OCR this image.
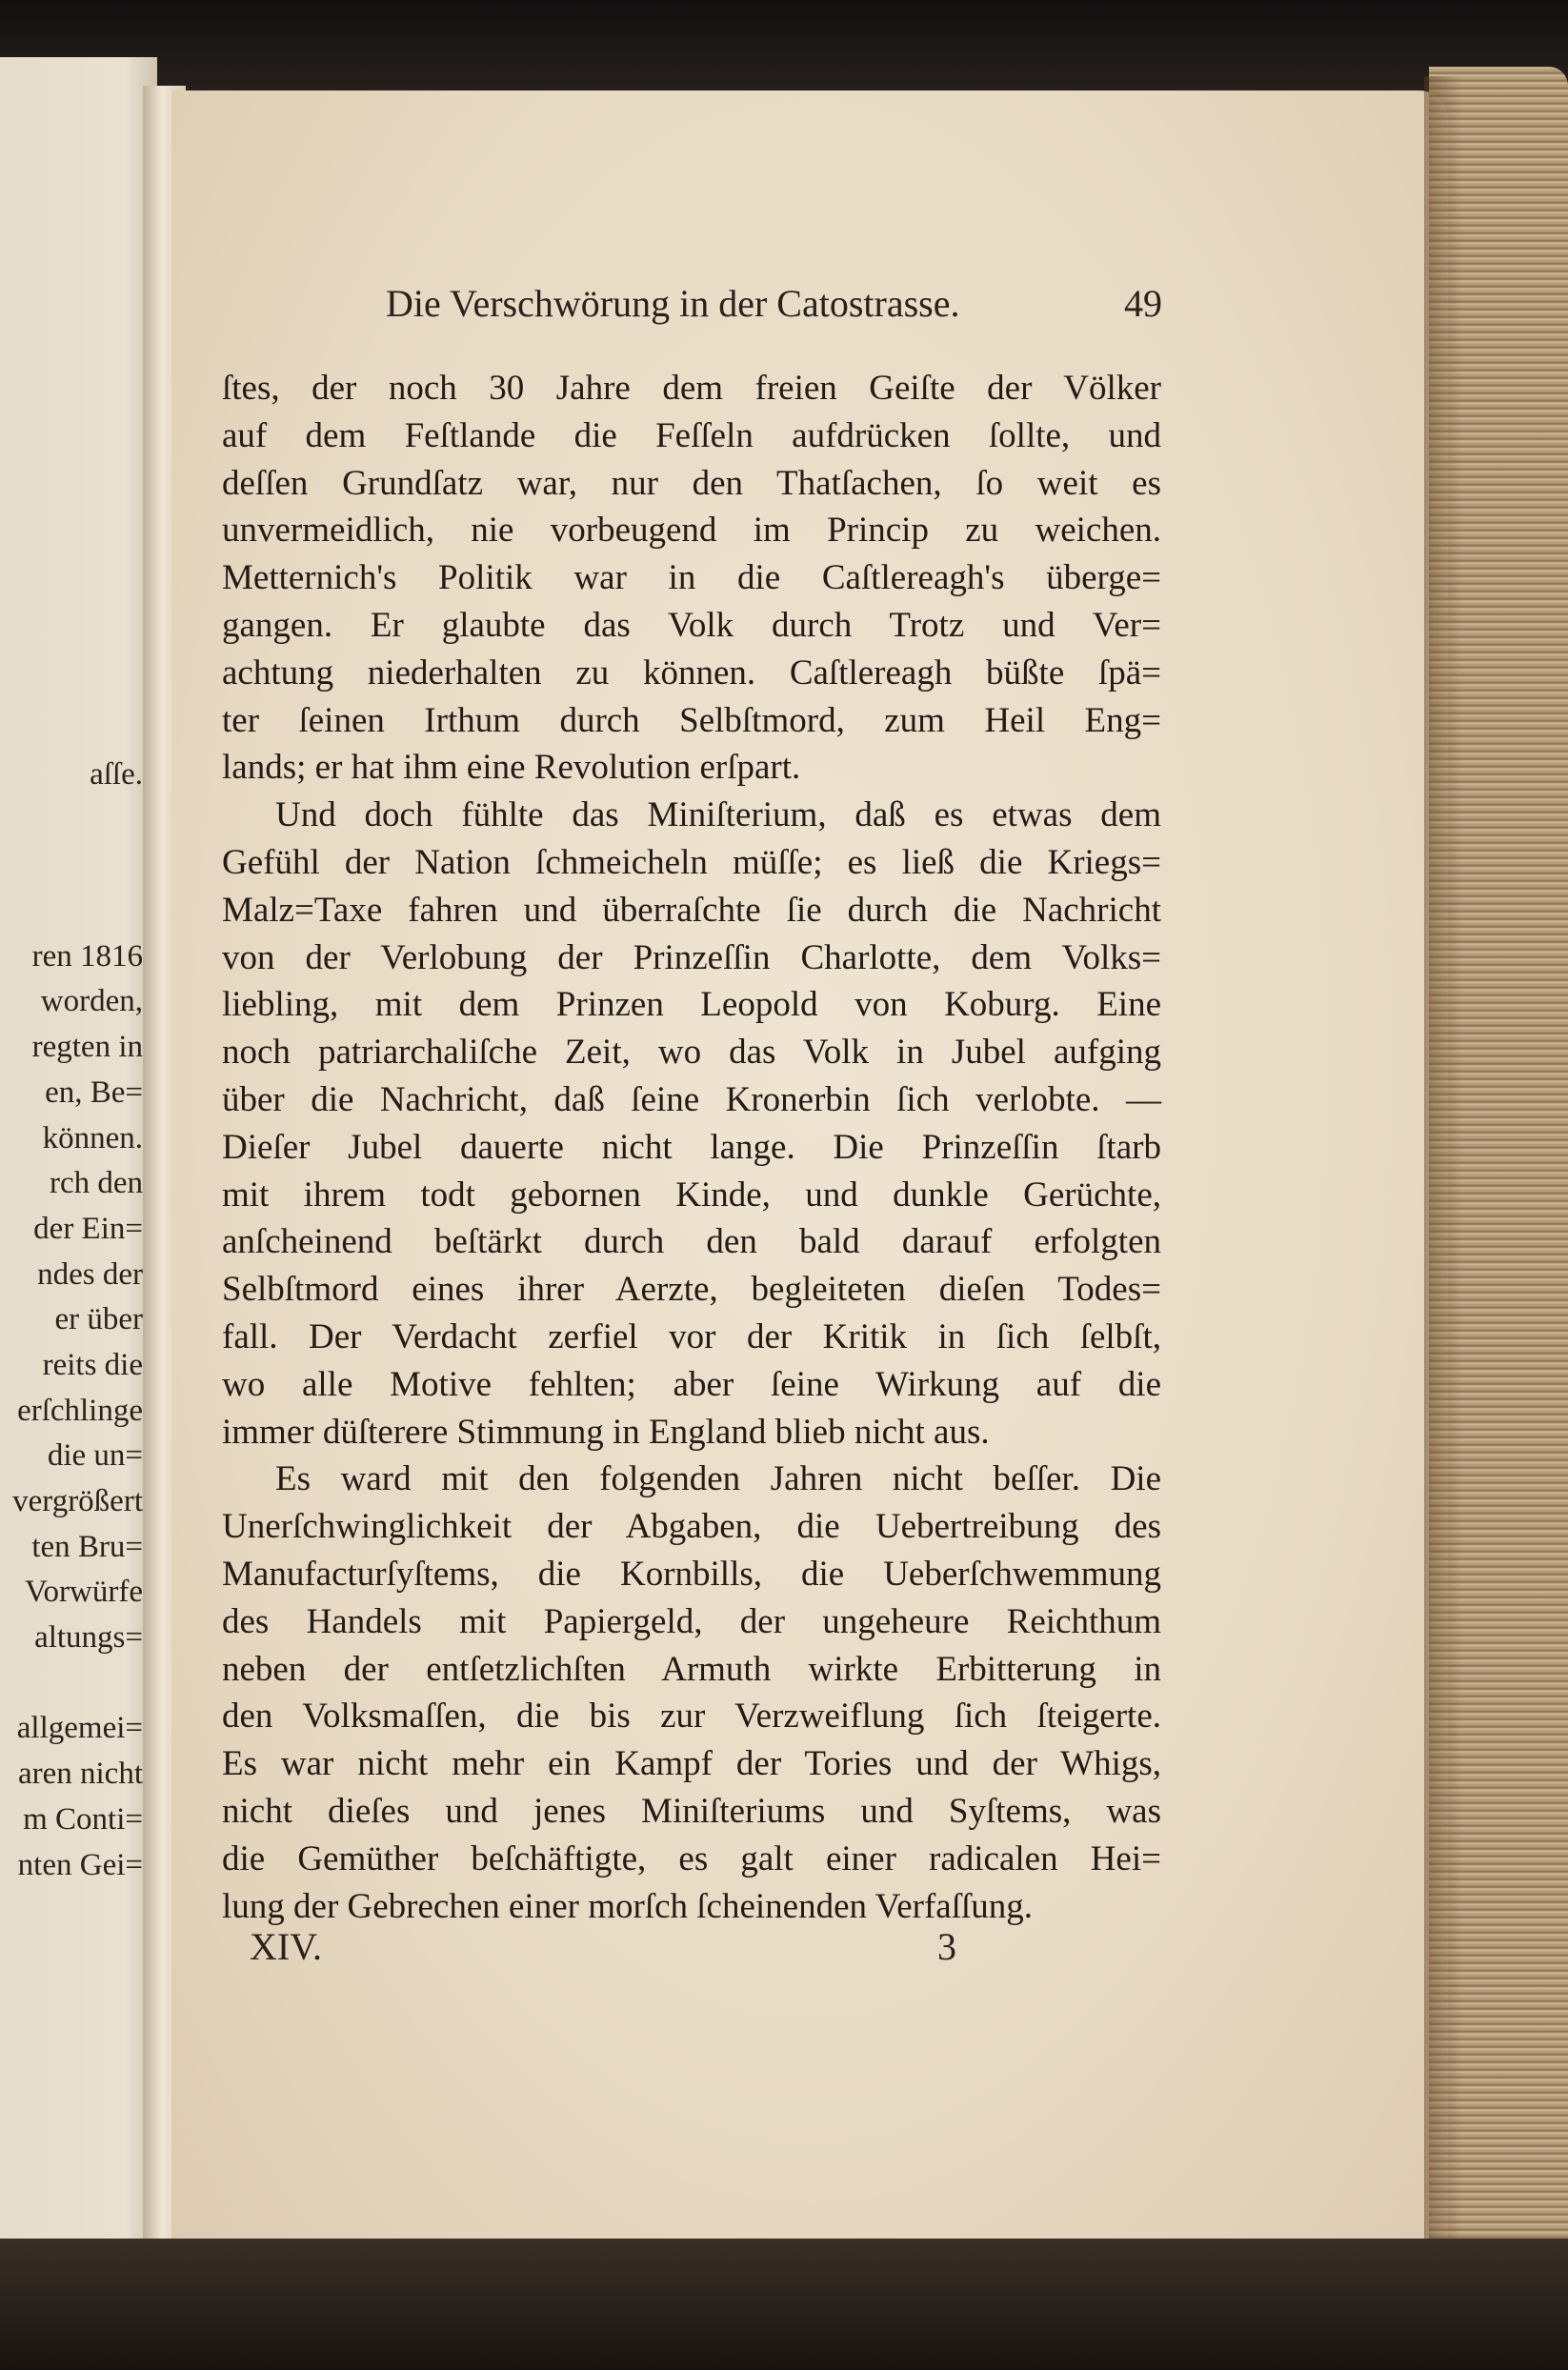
aſſe.
ren 1816
worden,
regten in
en, Be=
können.
rch den
der Ein=
ndes der
er über
reits die
erſchlinge
die un=
vergrößert
ten Bru=
Vorwürfe
altungs=
allgemei=
aren nicht
m Conti=
nten Gei=
Die Verschwörung in der Catostrasse.	49
ſtes, der noch 30 Jahre dem freien Geiſte der Völker
auf dem Feſtlande die Feſſeln aufdrücken ſollte, und
deſſen Grundſatz war, nur den Thatſachen, ſo weit es
unvermeidlich, nie vorbeugend im Princip zu weichen.
Metternich's Politik war in die Caſtlereagh's überge=
gangen. Er glaubte das Volk durch Trotz und Ver=
achtung niederhalten zu können. Caſtlereagh büßte ſpä=
ter ſeinen Irthum durch Selbſtmord, zum Heil Eng=
lands; er hat ihm eine Revolution erſpart.
Und doch fühlte das Miniſterium, daß es etwas dem
Gefühl der Nation ſchmeicheln müſſe; es ließ die Kriegs=
Malz=Taxe fahren und überraſchte ſie durch die Nachricht
von der Verlobung der Prinzeſſin Charlotte, dem Volks=
liebling, mit dem Prinzen Leopold von Koburg. Eine
noch patriarchaliſche Zeit, wo das Volk in Jubel aufging
über die Nachricht, daß ſeine Kronerbin ſich verlobte. —
Dieſer Jubel dauerte nicht lange. Die Prinzeſſin ſtarb
mit ihrem todt gebornen Kinde, und dunkle Gerüchte,
anſcheinend beſtärkt durch den bald darauf erfolgten
Selbſtmord eines ihrer Aerzte, begleiteten dieſen Todes=
fall. Der Verdacht zerfiel vor der Kritik in ſich ſelbſt,
wo alle Motive fehlten; aber ſeine Wirkung auf die
immer düſterere Stimmung in England blieb nicht aus.
Es ward mit den folgenden Jahren nicht beſſer. Die
Unerſchwinglichkeit der Abgaben, die Uebertreibung des
Manufacturſyſtems, die Kornbills, die Ueberſchwemmung
des Handels mit Papiergeld, der ungeheure Reichthum
neben der entſetzlichſten Armuth wirkte Erbitterung in
den Volksmaſſen, die bis zur Verzweiflung ſich ſteigerte.
Es war nicht mehr ein Kampf der Tories und der Whigs,
nicht dieſes und jenes Miniſteriums und Syſtems, was
die Gemüther beſchäftigte, es galt einer radicalen Hei=
lung der Gebrechen einer morſch ſcheinenden Verfaſſung.
XIV.	3
